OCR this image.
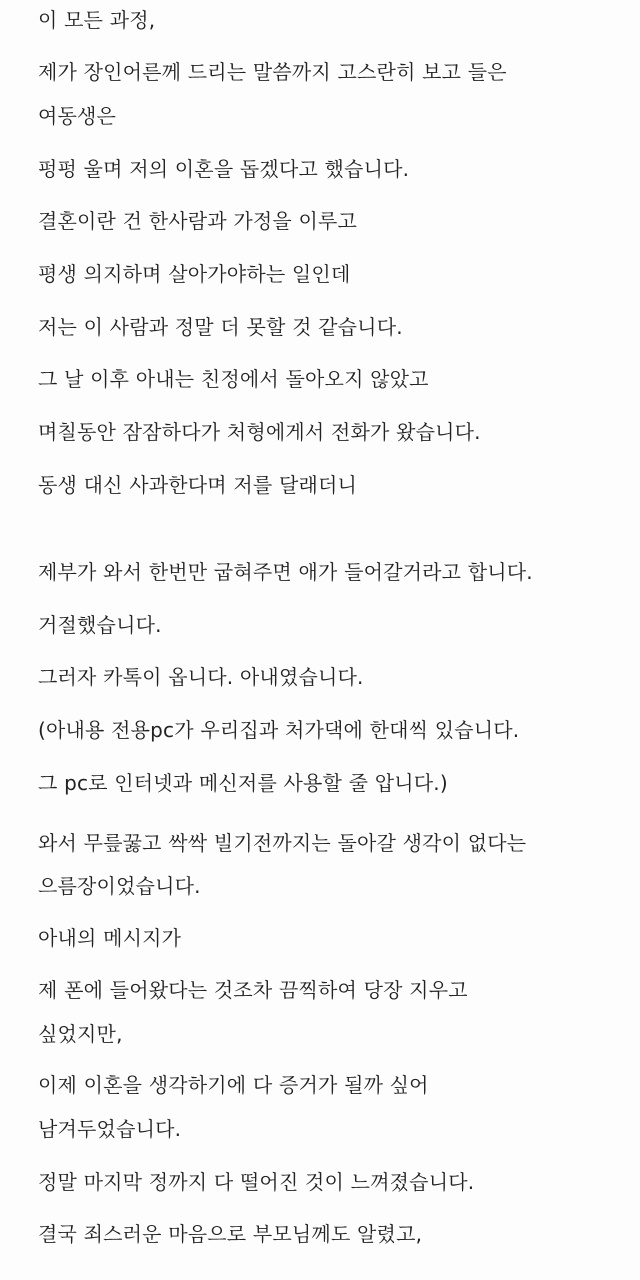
이 모든 과정,
제가 장인어른께 드리는 말씀까지 고스란히 보고 들은
여동생은
펑펑 울며 저의 이혼을 돕겠다고 했습니다.
결혼이란 건 한사람과 가정을 이루고
평생 의지하며 살아가야하는 일인데
저는 이 사람과 정말 더 못할 것 같습니다.
그 날 이후 아내는 친정에서 돌아오지 않았고
며칠동안 잠잠하다가 처형에게서 전화가 왔습니다.
동생 대신 사과한다며 저를 달래더니
제부가 와서 한번만 굽혀주면 애가 들어갈거라고 합니다.
거절했습니다.
그러자 카톡이 옵니다. 아내였습니다.
(아내용 전용pc가 우리집과 처가댁에 한대씩 있습니다.
그 pc로 인터넷과 메신저를 사용할 줄 압니다.)
와서 무릎꿇고 싹싹 빌기전까지는 돌아갈 생각이 없다는
으름장이었습니다.
아내의 메시지가
제 폰에 들어왔다는 것조차 끔찍하여 당장 지우고
싶었지만,
이제 이혼을 생각하기에 다 증거가 될까 싶어
남겨두었습니다.
정말 마지막 정까지 다 떨어진 것이 느껴졌습니다.
결국 죄스러운 마음으로 부모님께도 알렸고,
